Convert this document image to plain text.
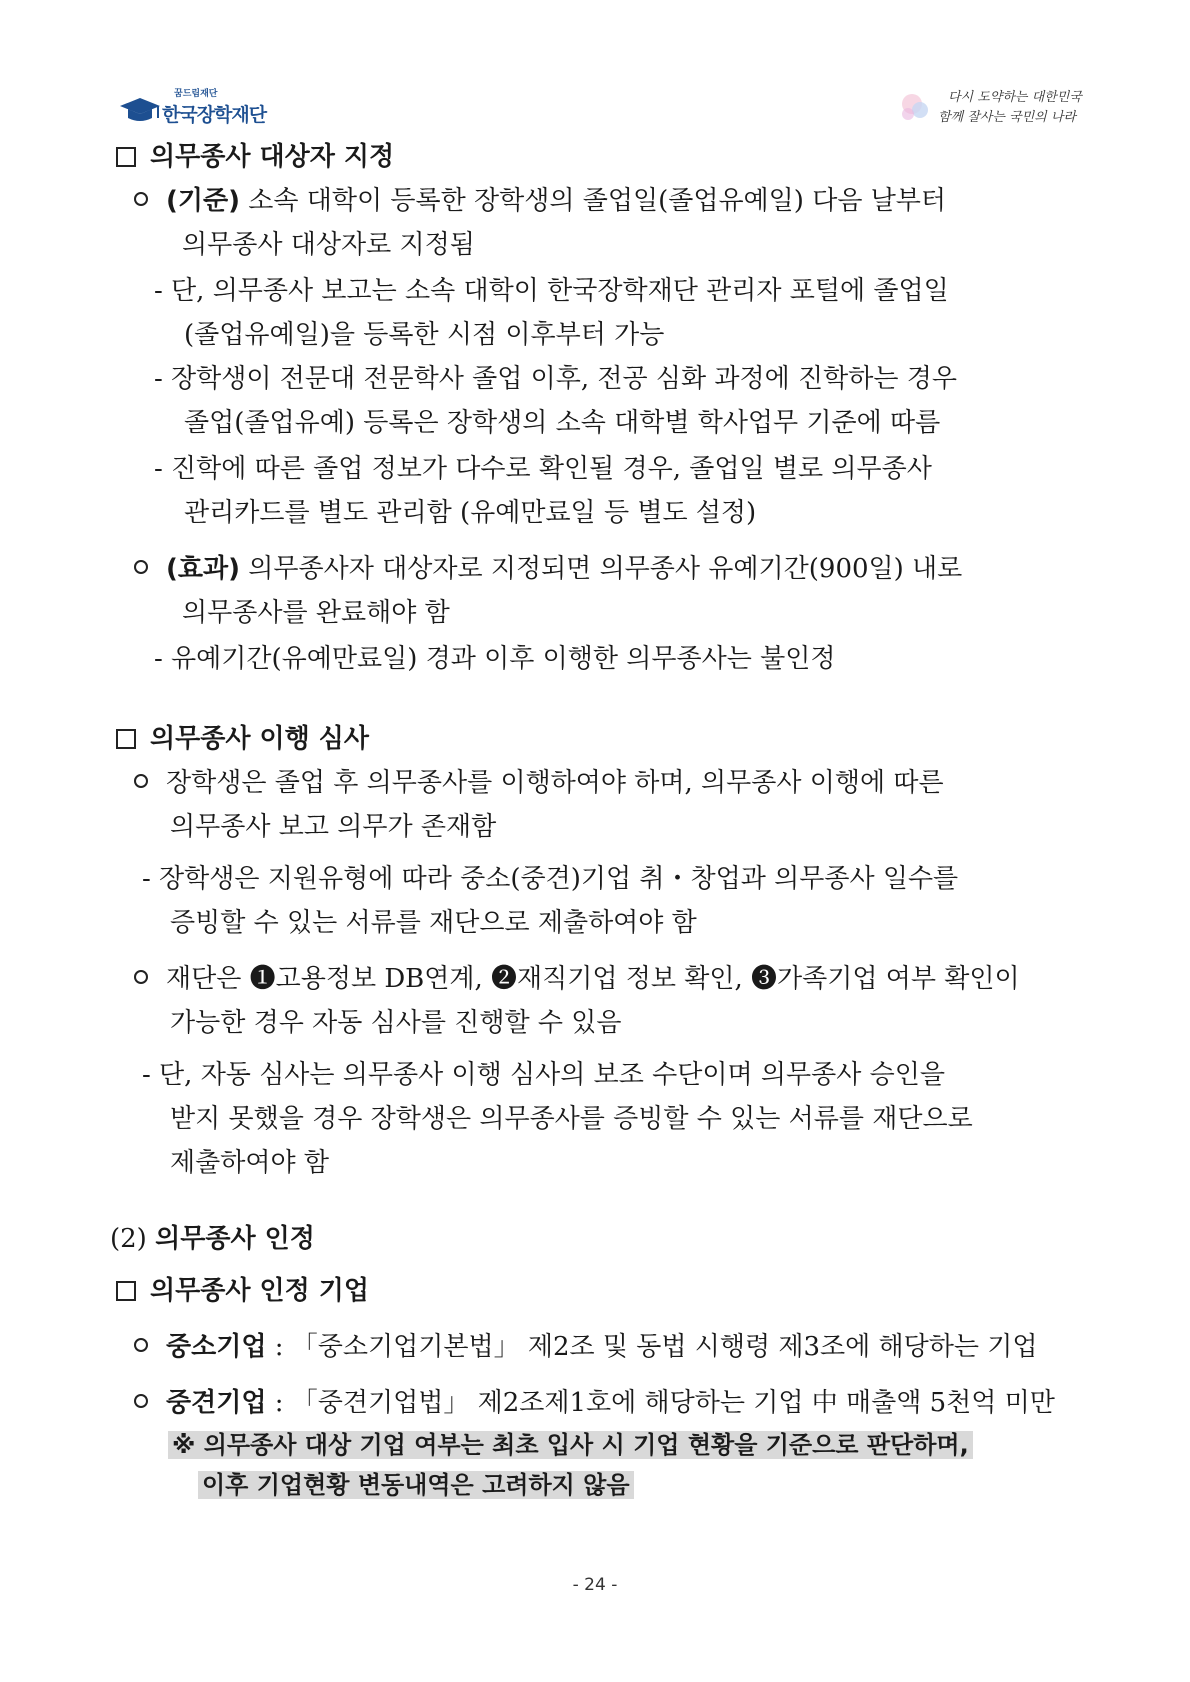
꿈드림재단
한국장학재단
다시 도약하는 대한민국
함께 잘사는 국민의 나라
의무종사 대상자 지정
(기준) 소속 대학이 등록한 장학생의 졸업일(졸업유예일) 다음 날부터
의무종사 대상자로 지정됨
- 단, 의무종사 보고는 소속 대학이 한국장학재단 관리자 포털에 졸업일
(졸업유예일)을 등록한 시점 이후부터 가능
- 장학생이 전문대 전문학사 졸업 이후, 전공 심화 과정에 진학하는 경우
졸업(졸업유예) 등록은 장학생의 소속 대학별 학사업무 기준에 따름
- 진학에 따른 졸업 정보가 다수로 확인될 경우, 졸업일 별로 의무종사
관리카드를 별도 관리함 (유예만료일 등 별도 설정)
(효과) 의무종사자 대상자로 지정되면 의무종사 유예기간(900일) 내로
의무종사를 완료해야 함
- 유예기간(유예만료일) 경과 이후 이행한 의무종사는 불인정
의무종사 이행 심사
장학생은 졸업 후 의무종사를 이행하여야 하며, 의무종사 이행에 따른
의무종사 보고 의무가 존재함
- 장학생은 지원유형에 따라 중소(중견)기업 취・창업과 의무종사 일수를
증빙할 수 있는 서류를 재단으로 제출하여야 함
재단은 ❶고용정보 DB연계, ❷재직기업 정보 확인, ❸가족기업 여부 확인이
가능한 경우 자동 심사를 진행할 수 있음
- 단, 자동 심사는 의무종사 이행 심사의 보조 수단이며 의무종사 승인을
받지 못했을 경우 장학생은 의무종사를 증빙할 수 있는 서류를 재단으로
제출하여야 함
(2) 의무종사 인정
의무종사 인정 기업
중소기업 : 「중소기업기본법」 제2조 및 동법 시행령 제3조에 해당하는 기업
중견기업 : 「중견기업법」 제2조제1호에 해당하는 기업 中 매출액 5천억 미만
※ 의무종사 대상 기업 여부는 최초 입사 시 기업 현황을 기준으로 판단하며,
이후 기업현황 변동내역은 고려하지 않음
- 24 -
